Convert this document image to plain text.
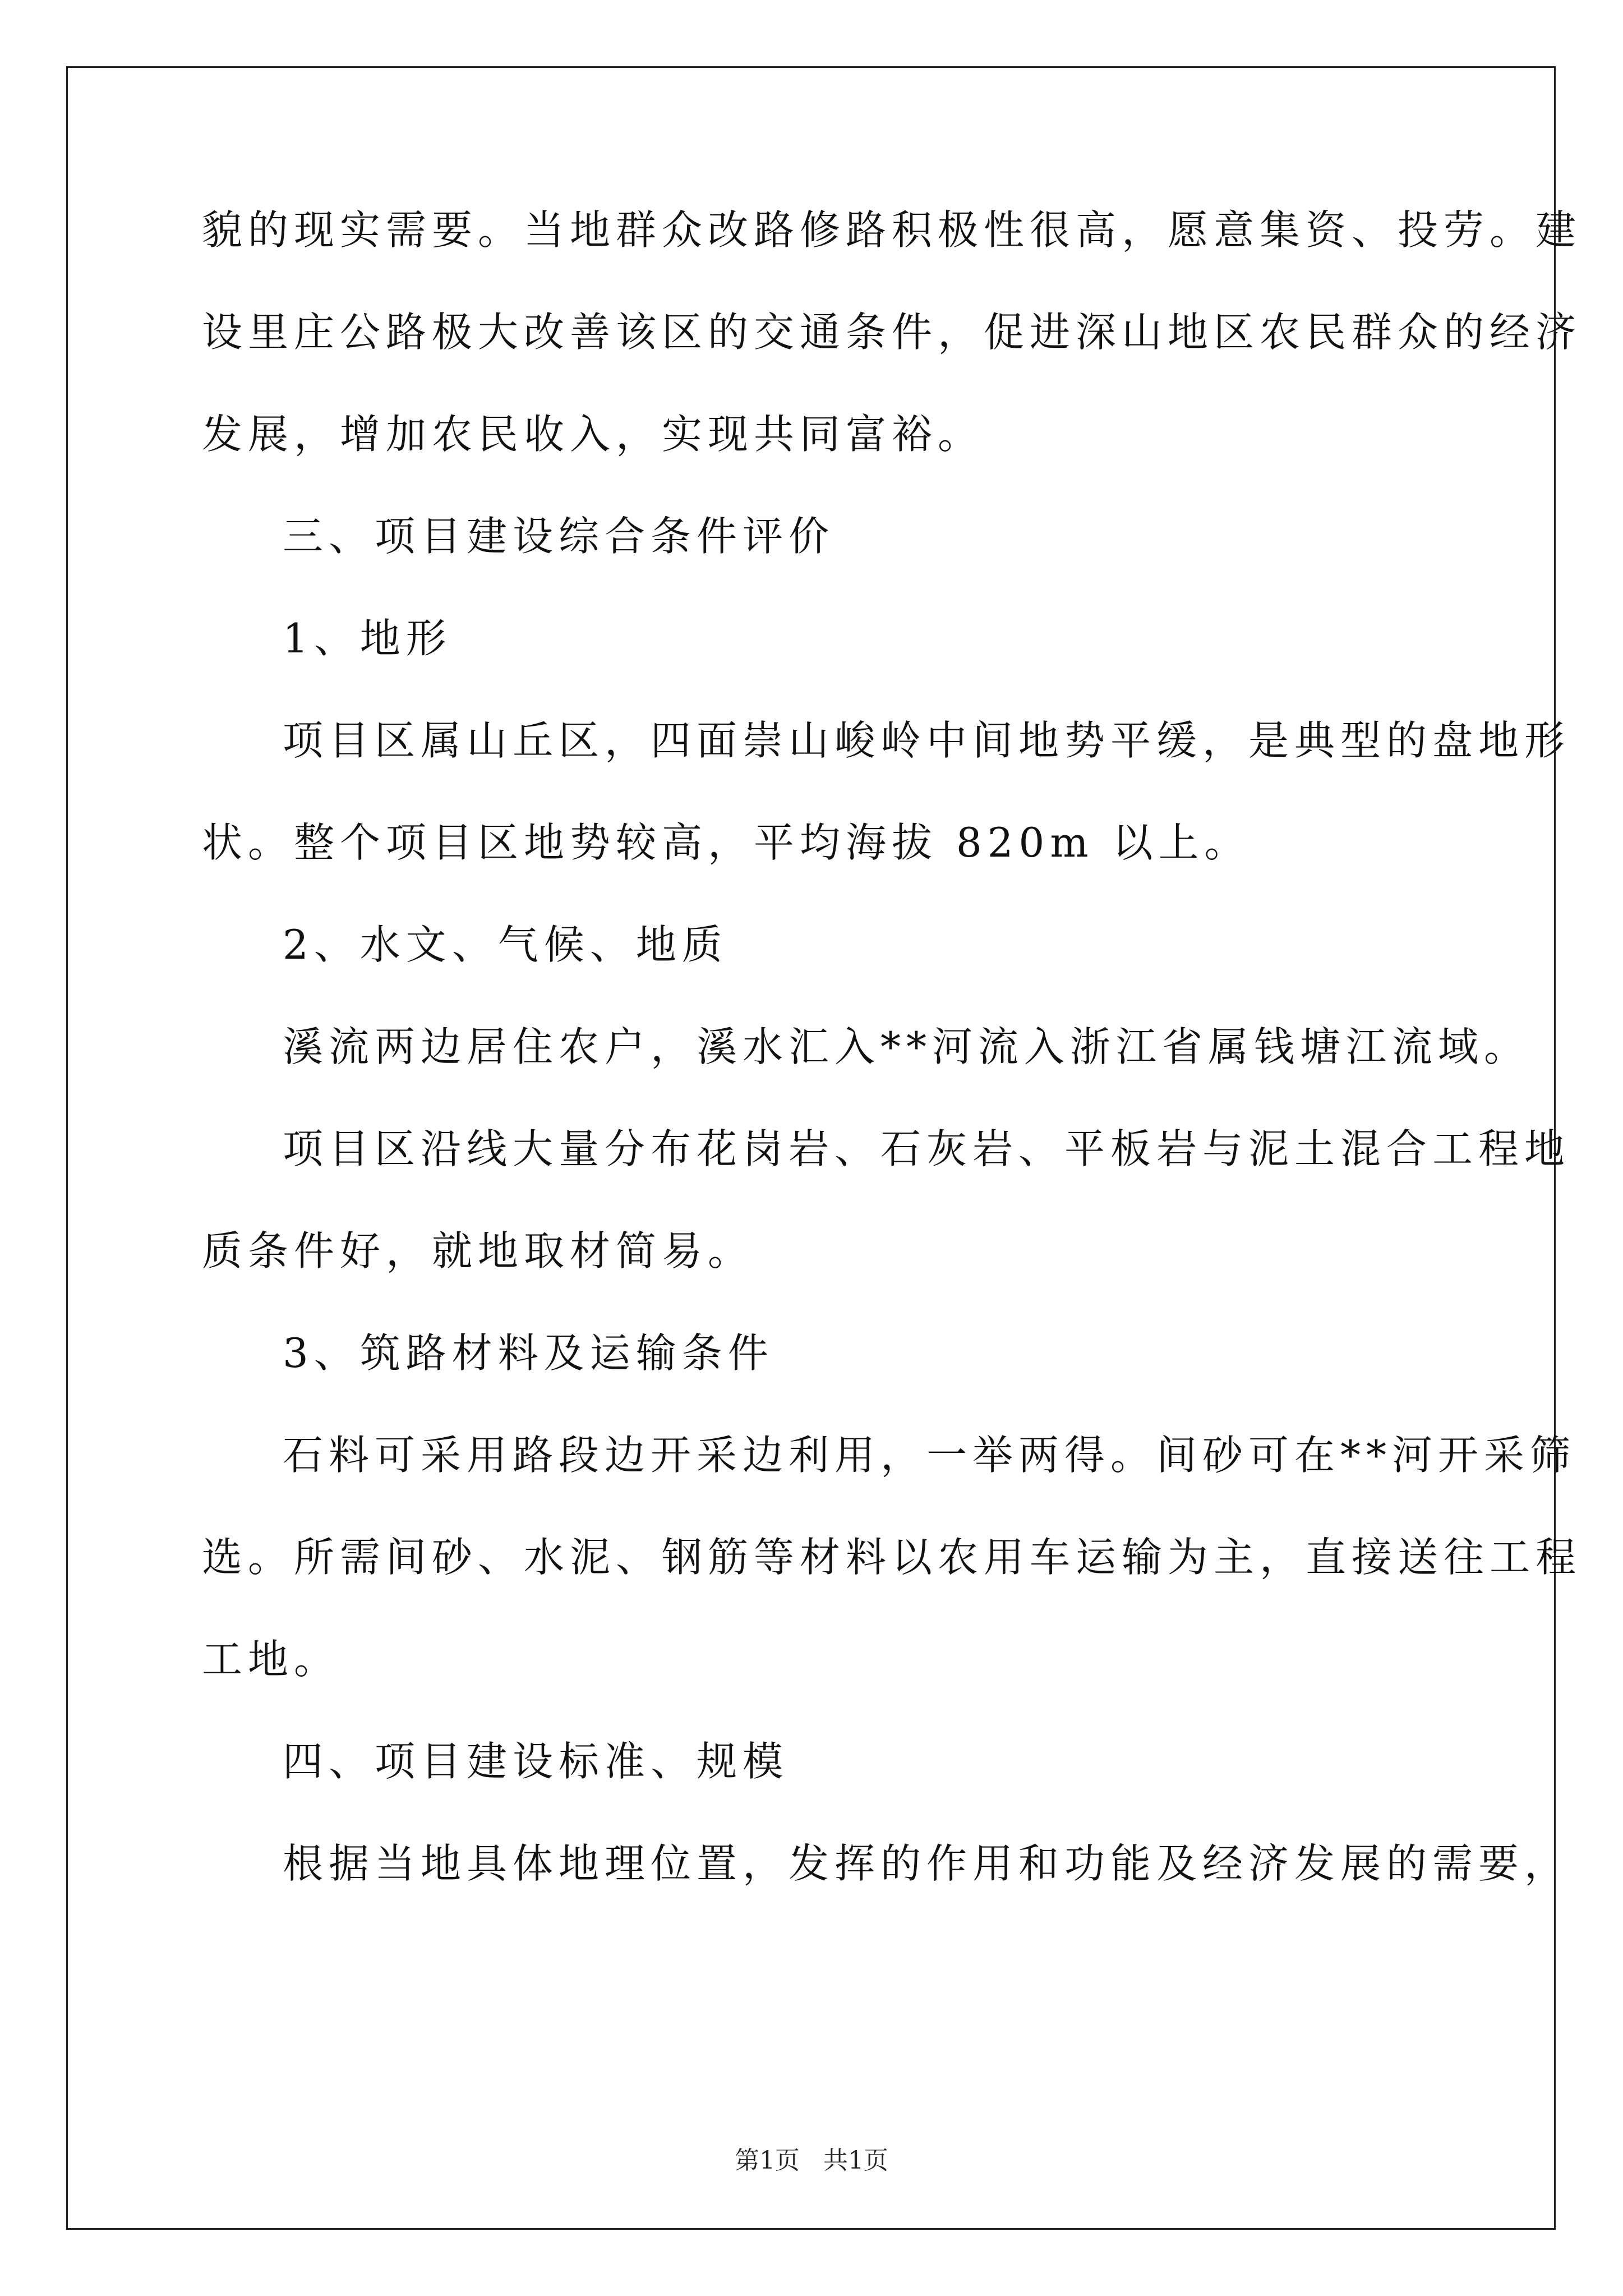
貌的现实需要。当地群众改路修路积极性很高，愿意集资、投劳。建
设里庄公路极大改善该区的交通条件，促进深山地区农民群众的经济
发展，增加农民收入，实现共同富裕。
三、项目建设综合条件评价
1、地形
项目区属山丘区，四面崇山峻岭中间地势平缓，是典型的盘地形
状。整个项目区地势较高，平均海拔 820m 以上。
2、水文、气候、地质
溪流两边居住农户，溪水汇入**河流入浙江省属钱塘江流域。
项目区沿线大量分布花岗岩、石灰岩、平板岩与泥土混合工程地
质条件好，就地取材简易。
3、筑路材料及运输条件
石料可采用路段边开采边利用，一举两得。间砂可在**河开采筛
选。所需间砂、水泥、钢筋等材料以农用车运输为主，直接送往工程
工地。
四、项目建设标准、规模
根据当地具体地理位置，发挥的作用和功能及经济发展的需要，
第1页 共1页
